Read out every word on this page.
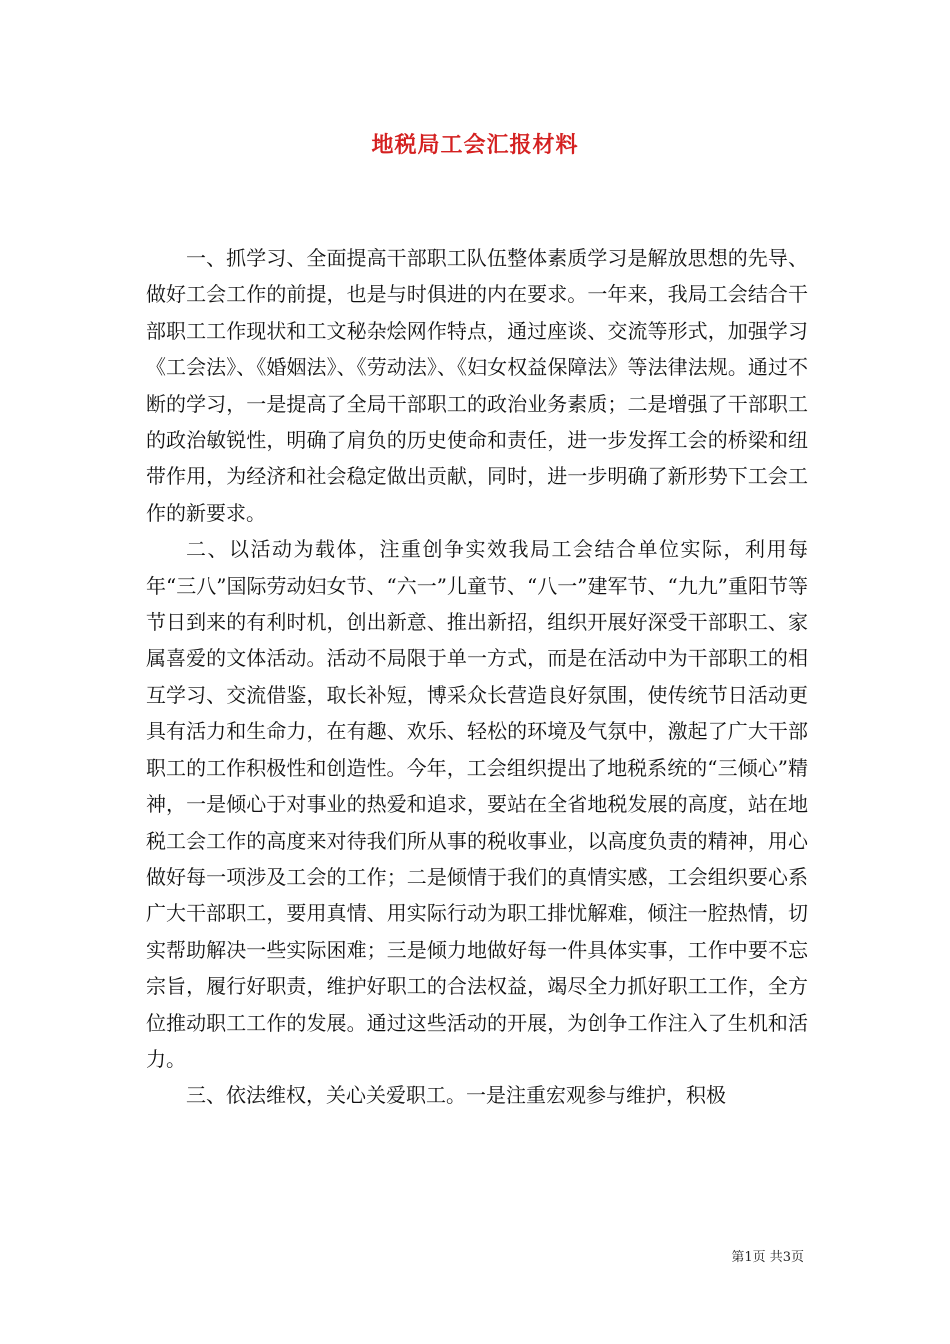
地税局工会汇报材料

一、抓学习、全面提高干部职工队伍整体素质学习是解放思想的先导、做好工会工作的前提，也是与时俱进的内在要求。一年来，我局工会结合干部职工工作现状和工文秘杂烩网作特点，通过座谈、交流等形式，加强学习《工会法》、《婚姻法》、《劳动法》、《妇女权益保障法》等法律法规。通过不断的学习，一是提高了全局干部职工的政治业务素质；二是增强了干部职工的政治敏锐性，明确了肩负的历史使命和责任，进一步发挥工会的桥梁和纽带作用，为经济和社会稳定做出贡献，同时，进一步明确了新形势下工会工作的新要求。

二、以活动为载体，注重创争实效我局工会结合单位实际，利用每年“三八”国际劳动妇女节、“六一”儿童节、“八一”建军节、“九九”重阳节等节日到来的有利时机，创出新意、推出新招，组织开展好深受干部职工、家属喜爱的文体活动。活动不局限于单一方式，而是在活动中为干部职工的相互学习、交流借鉴，取长补短，博采众长营造良好氛围，使传统节日活动更具有活力和生命力，在有趣、欢乐、轻松的环境及气氛中，激起了广大干部职工的工作积极性和创造性。今年，工会组织提出了地税系统的“三倾心”精神，一是倾心于对事业的热爱和追求，要站在全省地税发展的高度，站在地税工会工作的高度来对待我们所从事的税收事业，以高度负责的精神，用心做好每一项涉及工会的工作；二是倾情于我们的真情实感，工会组织要心系广大干部职工，要用真情、用实际行动为职工排忧解难，倾注一腔热情，切实帮助解决一些实际困难；三是倾力地做好每一件具体实事，工作中要不忘宗旨，履行好职责，维护好职工的合法权益，竭尽全力抓好职工工作，全方位推动职工工作的发展。通过这些活动的开展，为创争工作注入了生机和活力。

三、依法维权，关心关爱职工。一是注重宏观参与维护，积极

第1页 共3页
